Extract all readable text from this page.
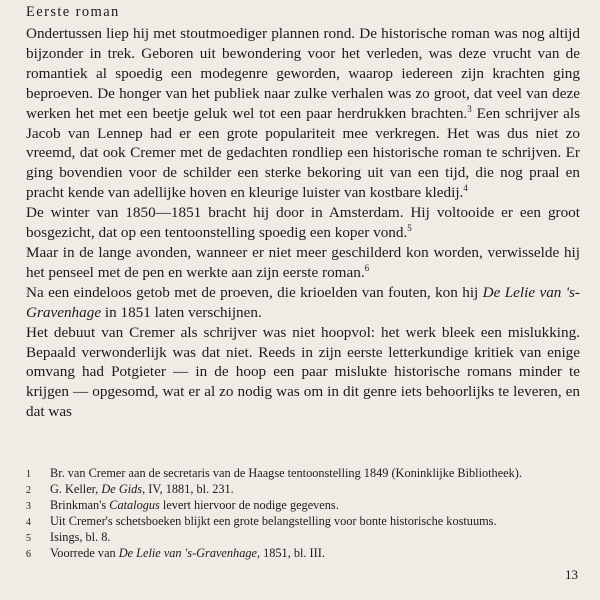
Eerste roman

Ondertussen liep hij met stoutmoediger plannen rond. De historische roman was nog altijd bijzonder in trek. Geboren uit bewondering voor het verleden, was deze vrucht van de romantiek al spoedig een modegenre geworden, waarop iedereen zijn krachten ging beproeven. De honger van het publiek naar zulke verhalen was zo groot, dat veel van deze werken het met een beetje geluk wel tot een paar herdrukken brachten.$^3$ Een schrijver als Jacob van Lennep had er een grote populariteit mee verkregen. Het was dus niet zo vreemd, dat ook Cremer met de gedachten rondliep een historische roman te schrijven. Er ging bovendien voor de schilder een sterke bekoring uit van een tijd, die nog praal en pracht kende van adellijke hoven en kleurige luister van kostbare kledij.$^4$

De winter van 1850—1851 bracht hij door in Amsterdam. Hij voltooide er een groot bosgezicht, dat op een tentoonstelling spoedig een koper vond.$^5$

Maar in de lange avonden, wanneer er niet meer geschilderd kon worden, verwisselde hij het penseel met de pen en werkte aan zijn eerste roman.$^6$

Na een eindeloos getob met de proeven, die krioelden van fouten, kon hij De Lelie van 's-Gravenhage in 1851 laten verschijnen.

Het debuut van Cremer als schrijver was niet hoopvol: het werk bleek een mislukking. Bepaald verwonderlijk was dat niet. Reeds in zijn eerste letterkundige kritiek van enige omvang had Potgieter — in de hoop een paar mislukte historische romans minder te krijgen — opgesomd, wat er al zo nodig was om in dit genre iets behoorlijks te leveren, en dat was

1	Br. van Cremer aan de secretaris van de Haagse tentoonstelling 1849 (Koninklijke Bibliotheek).
2	G. Keller, De Gids, IV, 1881, bl. 231.
3	Brinkman's Catalogus levert hiervoor de nodige gegevens.
4	Uit Cremer's schetsboeken blijkt een grote belangstelling voor bonte historische kostuums.
5	Isings, bl. 8.
6	Voorrede van De Lelie van 's-Gravenhage, 1851, bl. III.
13
